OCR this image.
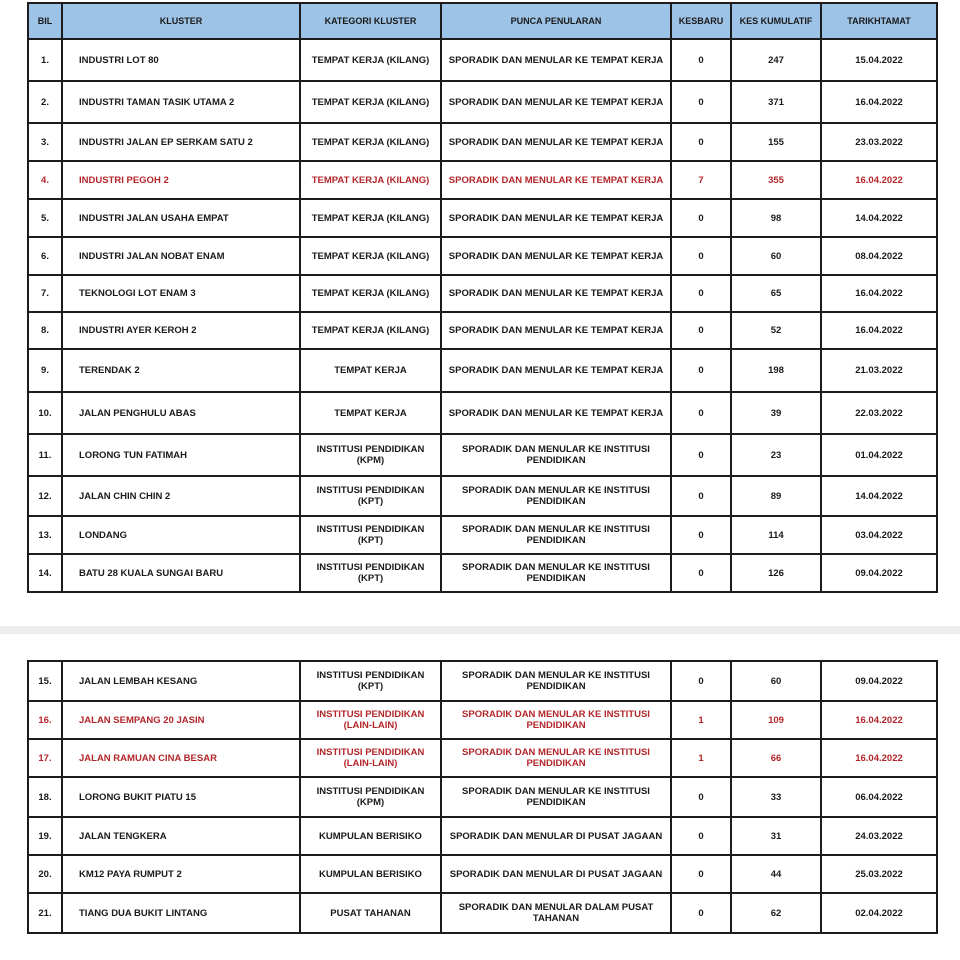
BIL	KLUSTER	KATEGORI KLUSTER	PUNCA PENULARAN	KESBARU	KES KUMULATIF	TARIKHTAMAT
1.	INDUSTRI LOT 80	TEMPAT KERJA (KILANG)	SPORADIK DAN MENULAR KE TEMPAT KERJA	0	247	15.04.2022
2.	INDUSTRI TAMAN TASIK UTAMA 2	TEMPAT KERJA (KILANG)	SPORADIK DAN MENULAR KE TEMPAT KERJA	0	371	16.04.2022
3.	INDUSTRI JALAN EP SERKAM SATU 2	TEMPAT KERJA (KILANG)	SPORADIK DAN MENULAR KE TEMPAT KERJA	0	155	23.03.2022
4.	INDUSTRI PEGOH 2	TEMPAT KERJA (KILANG)	SPORADIK DAN MENULAR KE TEMPAT KERJA	7	355	16.04.2022
5.	INDUSTRI JALAN USAHA EMPAT	TEMPAT KERJA (KILANG)	SPORADIK DAN MENULAR KE TEMPAT KERJA	0	98	14.04.2022
6.	INDUSTRI JALAN NOBAT ENAM	TEMPAT KERJA (KILANG)	SPORADIK DAN MENULAR KE TEMPAT KERJA	0	60	08.04.2022
7.	TEKNOLOGI LOT ENAM 3	TEMPAT KERJA (KILANG)	SPORADIK DAN MENULAR KE TEMPAT KERJA	0	65	16.04.2022
8.	INDUSTRI AYER KEROH 2	TEMPAT KERJA (KILANG)	SPORADIK DAN MENULAR KE TEMPAT KERJA	0	52	16.04.2022
9.	TERENDAK 2	TEMPAT KERJA	SPORADIK DAN MENULAR KE TEMPAT KERJA	0	198	21.03.2022
10.	JALAN PENGHULU ABAS	TEMPAT KERJA	SPORADIK DAN MENULAR KE TEMPAT KERJA	0	39	22.03.2022
11.	LORONG TUN FATIMAH	INSTITUSI PENDIDIKAN (KPM)	SPORADIK DAN MENULAR KE INSTITUSI PENDIDIKAN	0	23	01.04.2022
12.	JALAN CHIN CHIN 2	INSTITUSI PENDIDIKAN (KPT)	SPORADIK DAN MENULAR KE INSTITUSI PENDIDIKAN	0	89	14.04.2022
13.	LONDANG	INSTITUSI PENDIDIKAN (KPT)	SPORADIK DAN MENULAR KE INSTITUSI PENDIDIKAN	0	114	03.04.2022
14.	BATU 28 KUALA SUNGAI BARU	INSTITUSI PENDIDIKAN (KPT)	SPORADIK DAN MENULAR KE INSTITUSI PENDIDIKAN	0	126	09.04.2022
15.	JALAN LEMBAH KESANG	INSTITUSI PENDIDIKAN (KPT)	SPORADIK DAN MENULAR KE INSTITUSI PENDIDIKAN	0	60	09.04.2022
16.	JALAN SEMPANG 20 JASIN	INSTITUSI PENDIDIKAN (LAIN-LAIN)	SPORADIK DAN MENULAR KE INSTITUSI PENDIDIKAN	1	109	16.04.2022
17.	JALAN RAMUAN CINA BESAR	INSTITUSI PENDIDIKAN (LAIN-LAIN)	SPORADIK DAN MENULAR KE INSTITUSI PENDIDIKAN	1	66	16.04.2022
18.	LORONG BUKIT PIATU 15	INSTITUSI PENDIDIKAN (KPM)	SPORADIK DAN MENULAR KE INSTITUSI PENDIDIKAN	0	33	06.04.2022
19.	JALAN TENGKERA	KUMPULAN BERISIKO	SPORADIK DAN MENULAR DI PUSAT JAGAAN	0	31	24.03.2022
20.	KM12 PAYA RUMPUT 2	KUMPULAN BERISIKO	SPORADIK DAN MENULAR DI PUSAT JAGAAN	0	44	25.03.2022
21.	TIANG DUA BUKIT LINTANG	PUSAT TAHANAN	SPORADIK DAN MENULAR DALAM PUSAT TAHANAN	0	62	02.04.2022
